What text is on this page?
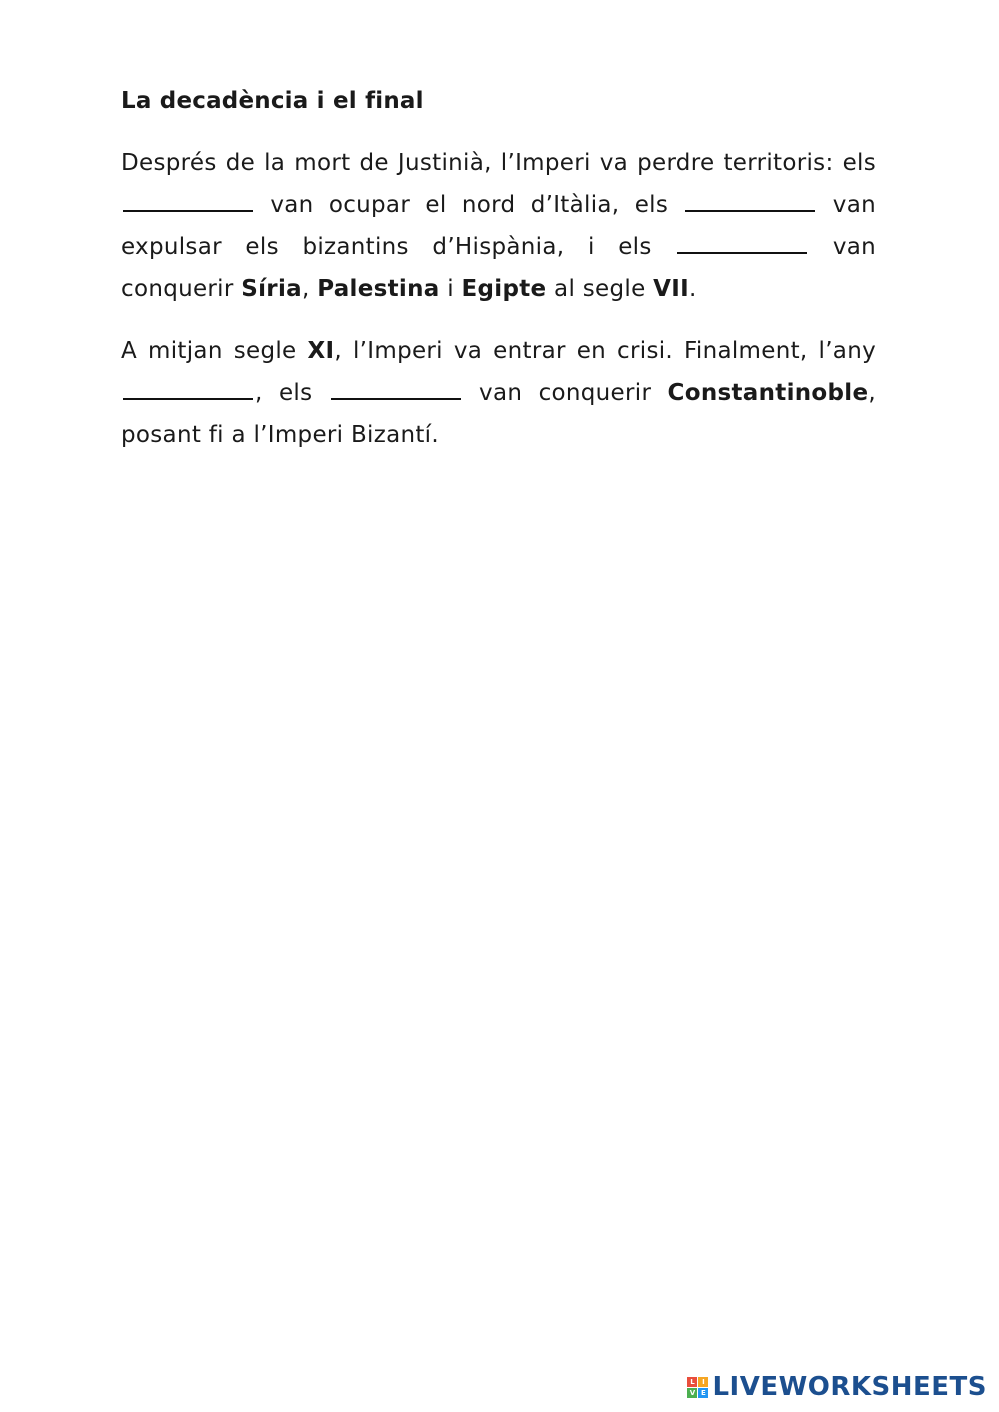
La decadència i el final

Després de la mort de Justinià, l’Imperi va perdre territoris: els  van ocupar el nord d’Itàlia, els	van expulsar els bizantins d’Hispània, i els	van conquerir Síria, Palestina i Egipte al segle VII.

A mitjan segle XI, l’Imperi va entrar en crisi. Finalment, l’any , els	van conquerir Constantinoble, posant fi a l’Imperi Bizantí.

L	I
V E LIVEWORKSHEETS
